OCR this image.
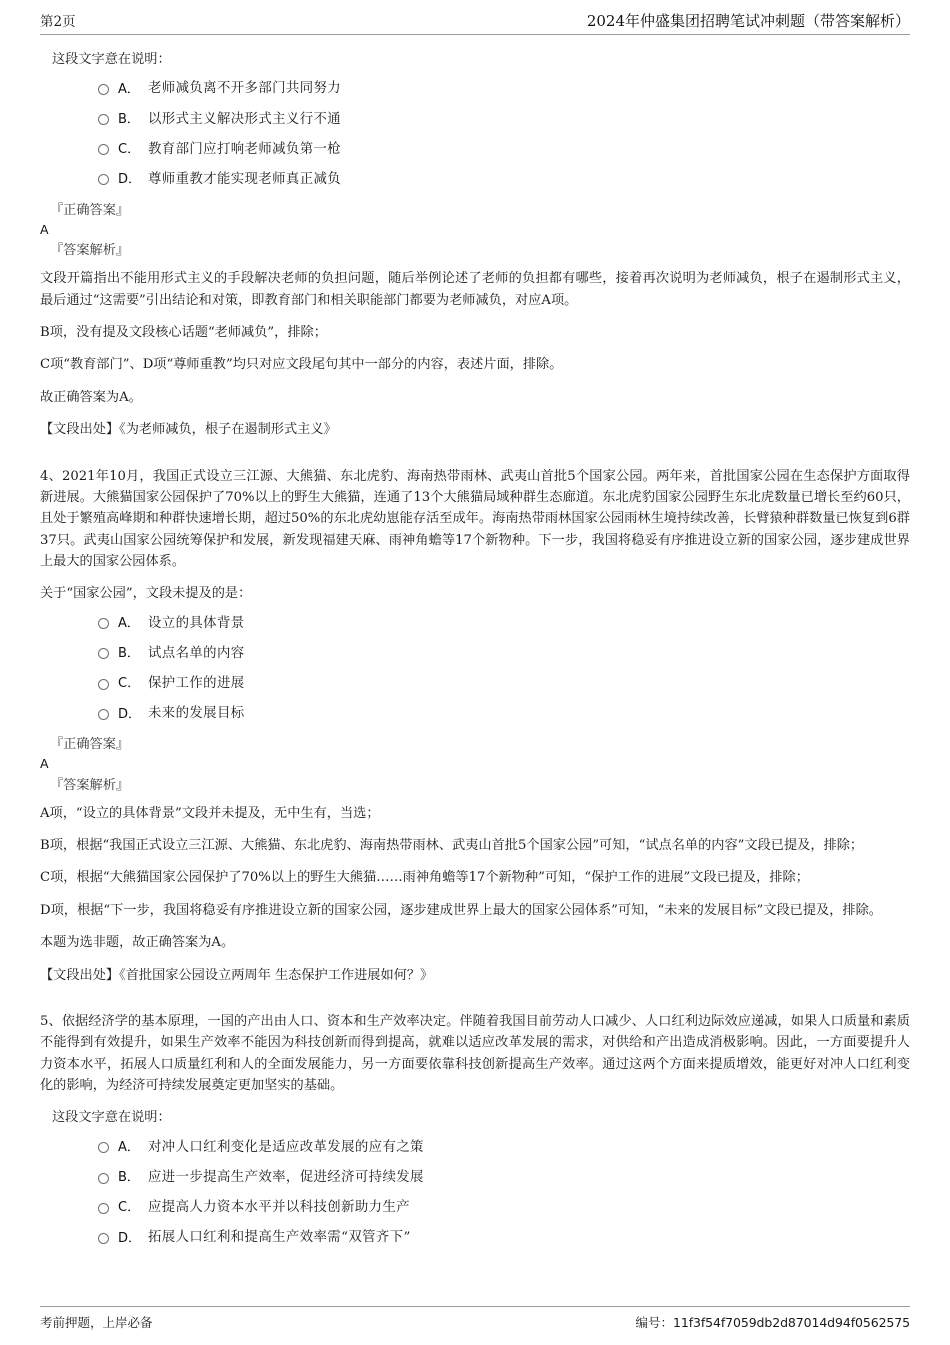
第2页	2024年仲盛集团招聘笔试冲刺题（带答案解析）
这段文字意在说明：
A． 老师减负离不开多部门共同努力
B． 以形式主义解决形式主义行不通
C． 教育部门应打响老师减负第一枪
D． 尊师重教才能实现老师真正减负
『正确答案』
A
『答案解析』

文段开篇指出不能用形式主义的手段解决老师的负担问题，随后举例论述了老师的负担都有哪些，接着再次说明为老师减负，根子在遏制形式主义，最后通过“这需要”引出结论和对策，即教育部门和相关职能部门都要为老师减负，对应A项。

B项，没有提及文段核心话题“老师减负”，排除；

C项“教育部门”、D项“尊师重教”均只对应文段尾句其中一部分的内容，表述片面，排除。

故正确答案为A。

【文段出处】《为老师减负，根子在遏制形式主义》

4、2021年10月，我国正式设立三江源、大熊猫、东北虎豹、海南热带雨林、武夷山首批5个国家公园。两年来，首批国家公园在生态保护方面取得新进展。大熊猫国家公园保护了70%以上的野生大熊猫，连通了13个大熊猫局域种群生态廊道。东北虎豹国家公园野生东北虎数量已增长至约60只，且处于繁殖高峰期和种群快速增长期，超过50%的东北虎幼崽能存活至成年。海南热带雨林国家公园雨林生境持续改善，长臂猿种群数量已恢复到6群37只。武夷山国家公园统筹保护和发展，新发现福建天麻、雨神角蟾等17个新物种。下一步，我国将稳妥有序推进设立新的国家公园，逐步建成世界上最大的国家公园体系。

关于“国家公园”，文段未提及的是：
A． 设立的具体背景
B． 试点名单的内容
C． 保护工作的进展
D． 未来的发展目标
『正确答案』
A
『答案解析』

A项，“设立的具体背景”文段并未提及，无中生有，当选；

B项，根据“我国正式设立三江源、大熊猫、东北虎豹、海南热带雨林、武夷山首批5个国家公园”可知，“试点名单的内容”文段已提及，排除；

C项，根据“大熊猫国家公园保护了70%以上的野生大熊猫……雨神角蟾等17个新物种”可知，“保护工作的进展”文段已提及，排除；

D项，根据“下一步，我国将稳妥有序推进设立新的国家公园，逐步建成世界上最大的国家公园体系”可知，“未来的发展目标”文段已提及，排除。

本题为选非题，故正确答案为A。

【文段出处】《首批国家公园设立两周年 生态保护工作进展如何？》

5、依据经济学的基本原理，一国的产出由人口、资本和生产效率决定。伴随着我国目前劳动人口减少、人口红利边际效应递减，如果人口质量和素质不能得到有效提升，如果生产效率不能因为科技创新而得到提高，就难以适应改革发展的需求，对供给和产出造成消极影响。因此，一方面要提升人力资本水平，拓展人口质量红利和人的全面发展能力，另一方面要依靠科技创新提高生产效率。通过这两个方面来提质增效，能更好对冲人口红利变化的影响，为经济可持续发展奠定更加坚实的基础。

这段文字意在说明：
A． 对冲人口红利变化是适应改革发展的应有之策
B． 应进一步提高生产效率，促进经济可持续发展
C． 应提高人力资本水平并以科技创新助力生产
D． 拓展人口红利和提高生产效率需“双管齐下”
考前押题，上岸必备	编号：11f3f54f7059db2d87014d94f0562575
